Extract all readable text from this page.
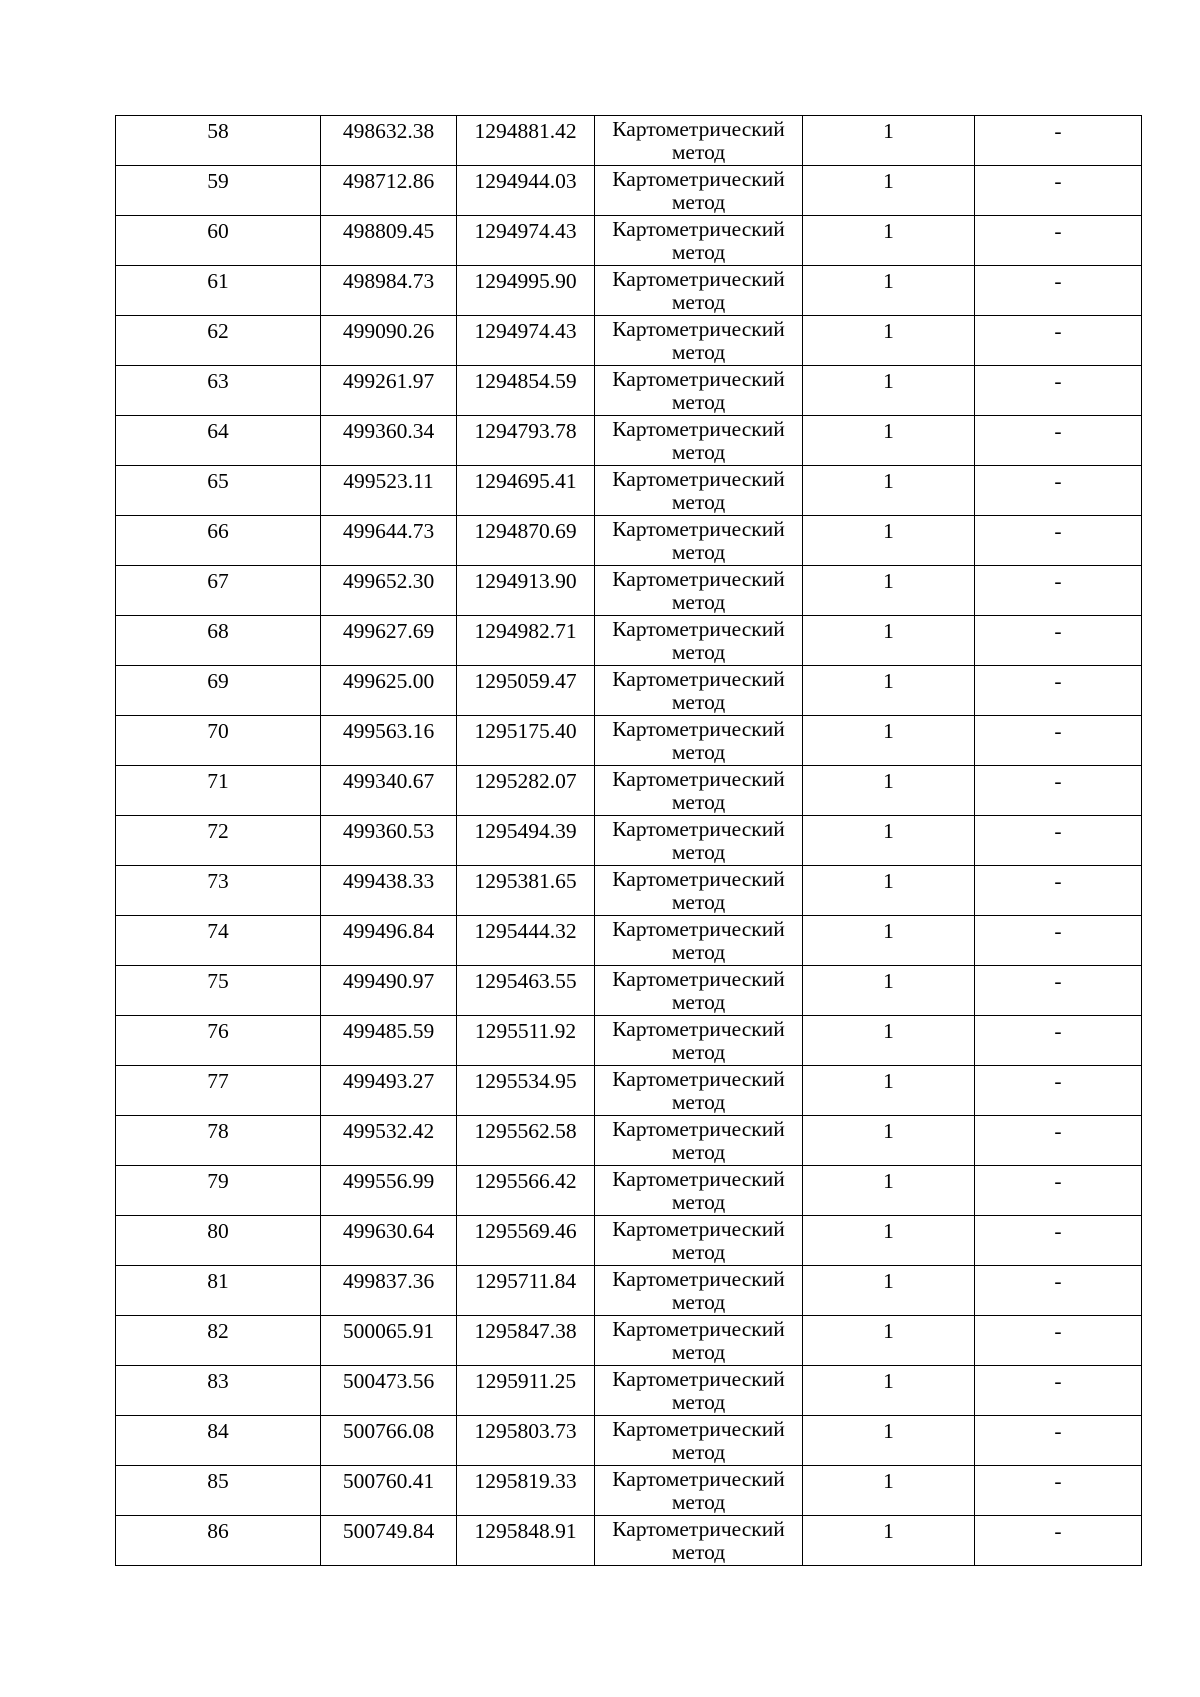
58	498632.38	1294881.42	Картометрический метод	1	-

59	498712.86	1294944.03	Картометрический метод	1	-

60	498809.45	1294974.43	Картометрический метод	1	-

61	498984.73	1294995.90	Картометрический метод	1	-

62	499090.26	1294974.43	Картометрический метод	1	-

63	499261.97	1294854.59	Картометрический метод	1	-

64	499360.34	1294793.78	Картометрический метод	1	-

65	499523.11	1294695.41	Картометрический метод	1	-

66	499644.73	1294870.69	Картометрический метод	1	-

67	499652.30	1294913.90	Картометрический метод	1	-

68	499627.69	1294982.71	Картометрический метод	1	-

69	499625.00	1295059.47	Картометрический метод	1	-

70	499563.16	1295175.40	Картометрический метод	1	-

71	499340.67	1295282.07	Картометрический метод	1	-

72	499360.53	1295494.39	Картометрический метод	1	-

73	499438.33	1295381.65	Картометрический метод	1	-

74	499496.84	1295444.32	Картометрический метод	1	-

75	499490.97	1295463.55	Картометрический метод	1	-

76	499485.59	1295511.92	Картометрический метод	1	-

77	499493.27	1295534.95	Картометрический метод	1	-

78	499532.42	1295562.58	Картометрический метод	1	-

79	499556.99	1295566.42	Картометрический метод	1	-

80	499630.64	1295569.46	Картометрический метод	1	-

81	499837.36	1295711.84	Картометрический метод	1	-

82	500065.91	1295847.38	Картометрический метод	1	-

83	500473.56	1295911.25	Картометрический метод	1	-

84	500766.08	1295803.73	Картометрический метод	1	-

85	500760.41	1295819.33	Картометрический метод	1	-

86	500749.84	1295848.91	Картометрический метод	1	-
